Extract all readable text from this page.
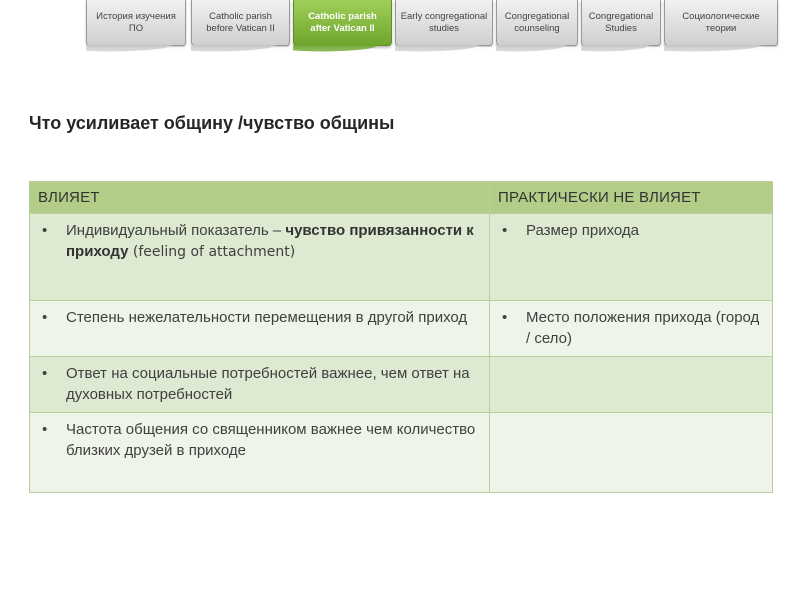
История изучения ПО
Catholic parish before Vatican II
Catholic parish after Vatican II
Early congregational studies
Congregational counseling
Congregational Studies
Социологические теории
Что усиливает общину /чувство общины
ВЛИЯЕТ	ПРАКТИЧЕСКИ НЕ ВЛИЯЕТ

• Индивидуальный показатель – чувство привязанности к приходу (feeling of attachment)	• Размер прихода

• Степень нежелательности перемещения в другой приход	• Место положения прихода (город / село)

• Ответ на социальные потребностей важнее, чем ответ на духовных потребностей	

• Частота общения со священником важнее чем количество близких друзей в приходе	
